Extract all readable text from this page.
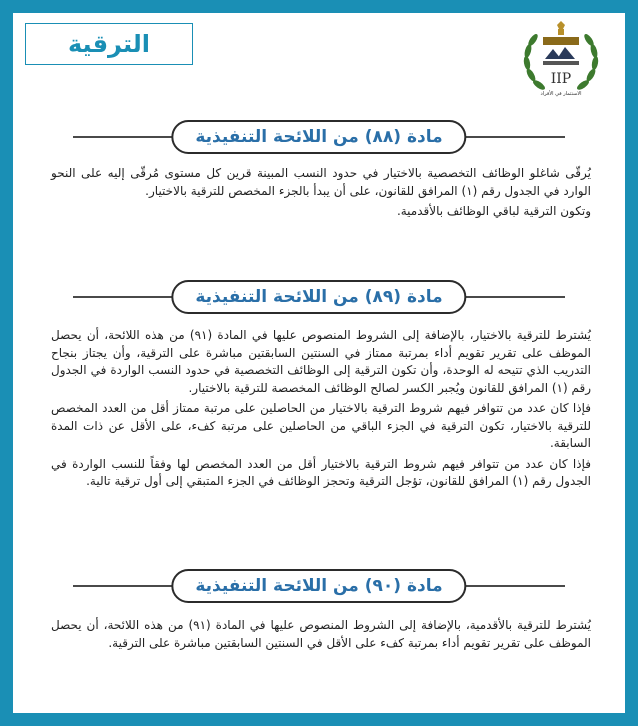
الترقية
IIP
الاستثمار في الأفراد
مادة (٨٨) من اللائحة التنفيذية

يُرقّى شاغلو الوظائف التخصصية بالاختيار في حدود النسب المبينة قرين كل مستوى مُرقّى إليه على النحو الوارد في الجدول رقم (١) المرافق للقانون، على أن يبدأ بالجزء المخصص للترقية بالاختيار.

وتكون الترقية لباقي الوظائف بالأقدمية.

مادة (٨٩) من اللائحة التنفيذية

يُشترط للترقية بالاختيار، بالإضافة إلى الشروط المنصوص عليها في المادة (٩١) من هذه اللائحة، أن يحصل الموظف على تقرير تقويم أداء بمرتبة ممتاز في السنتين السابقتين مباشرة على الترقية، وأن يجتاز بنجاح التدريب الذي تتيحه له الوحدة، وأن تكون الترقية إلى الوظائف التخصصية في حدود النسب الواردة في الجدول رقم (١) المرافق للقانون ويُجبر الكسر لصالح الوظائف المخصصة للترقية بالاختيار.

فإذا كان عدد من تتوافر فيهم شروط الترقية بالاختيار من الحاصلين على مرتبة ممتاز أقل من العدد المخصص للترقية بالاختيار، تكون الترقية في الجزء الباقي من الحاصلين على مرتبة كفء، على الأقل عن ذات المدة السابقة.

فإذا كان عدد من تتوافر فيهم شروط الترقية بالاختيار أقل من العدد المخصص لها وفقاً للنسب الواردة في الجدول رقم (١) المرافق للقانون، تؤجل الترقية وتحجز الوظائف في الجزء المتبقي إلى أول ترقية تالية.

مادة (٩٠) من اللائحة التنفيذية

يُشترط للترقية بالأقدمية، بالإضافة إلى الشروط المنصوص عليها في المادة (٩١) من هذه اللائحة، أن يحصل الموظف على تقرير تقويم أداء بمرتبة كفء على الأقل في السنتين السابقتين مباشرة على الترقية.
